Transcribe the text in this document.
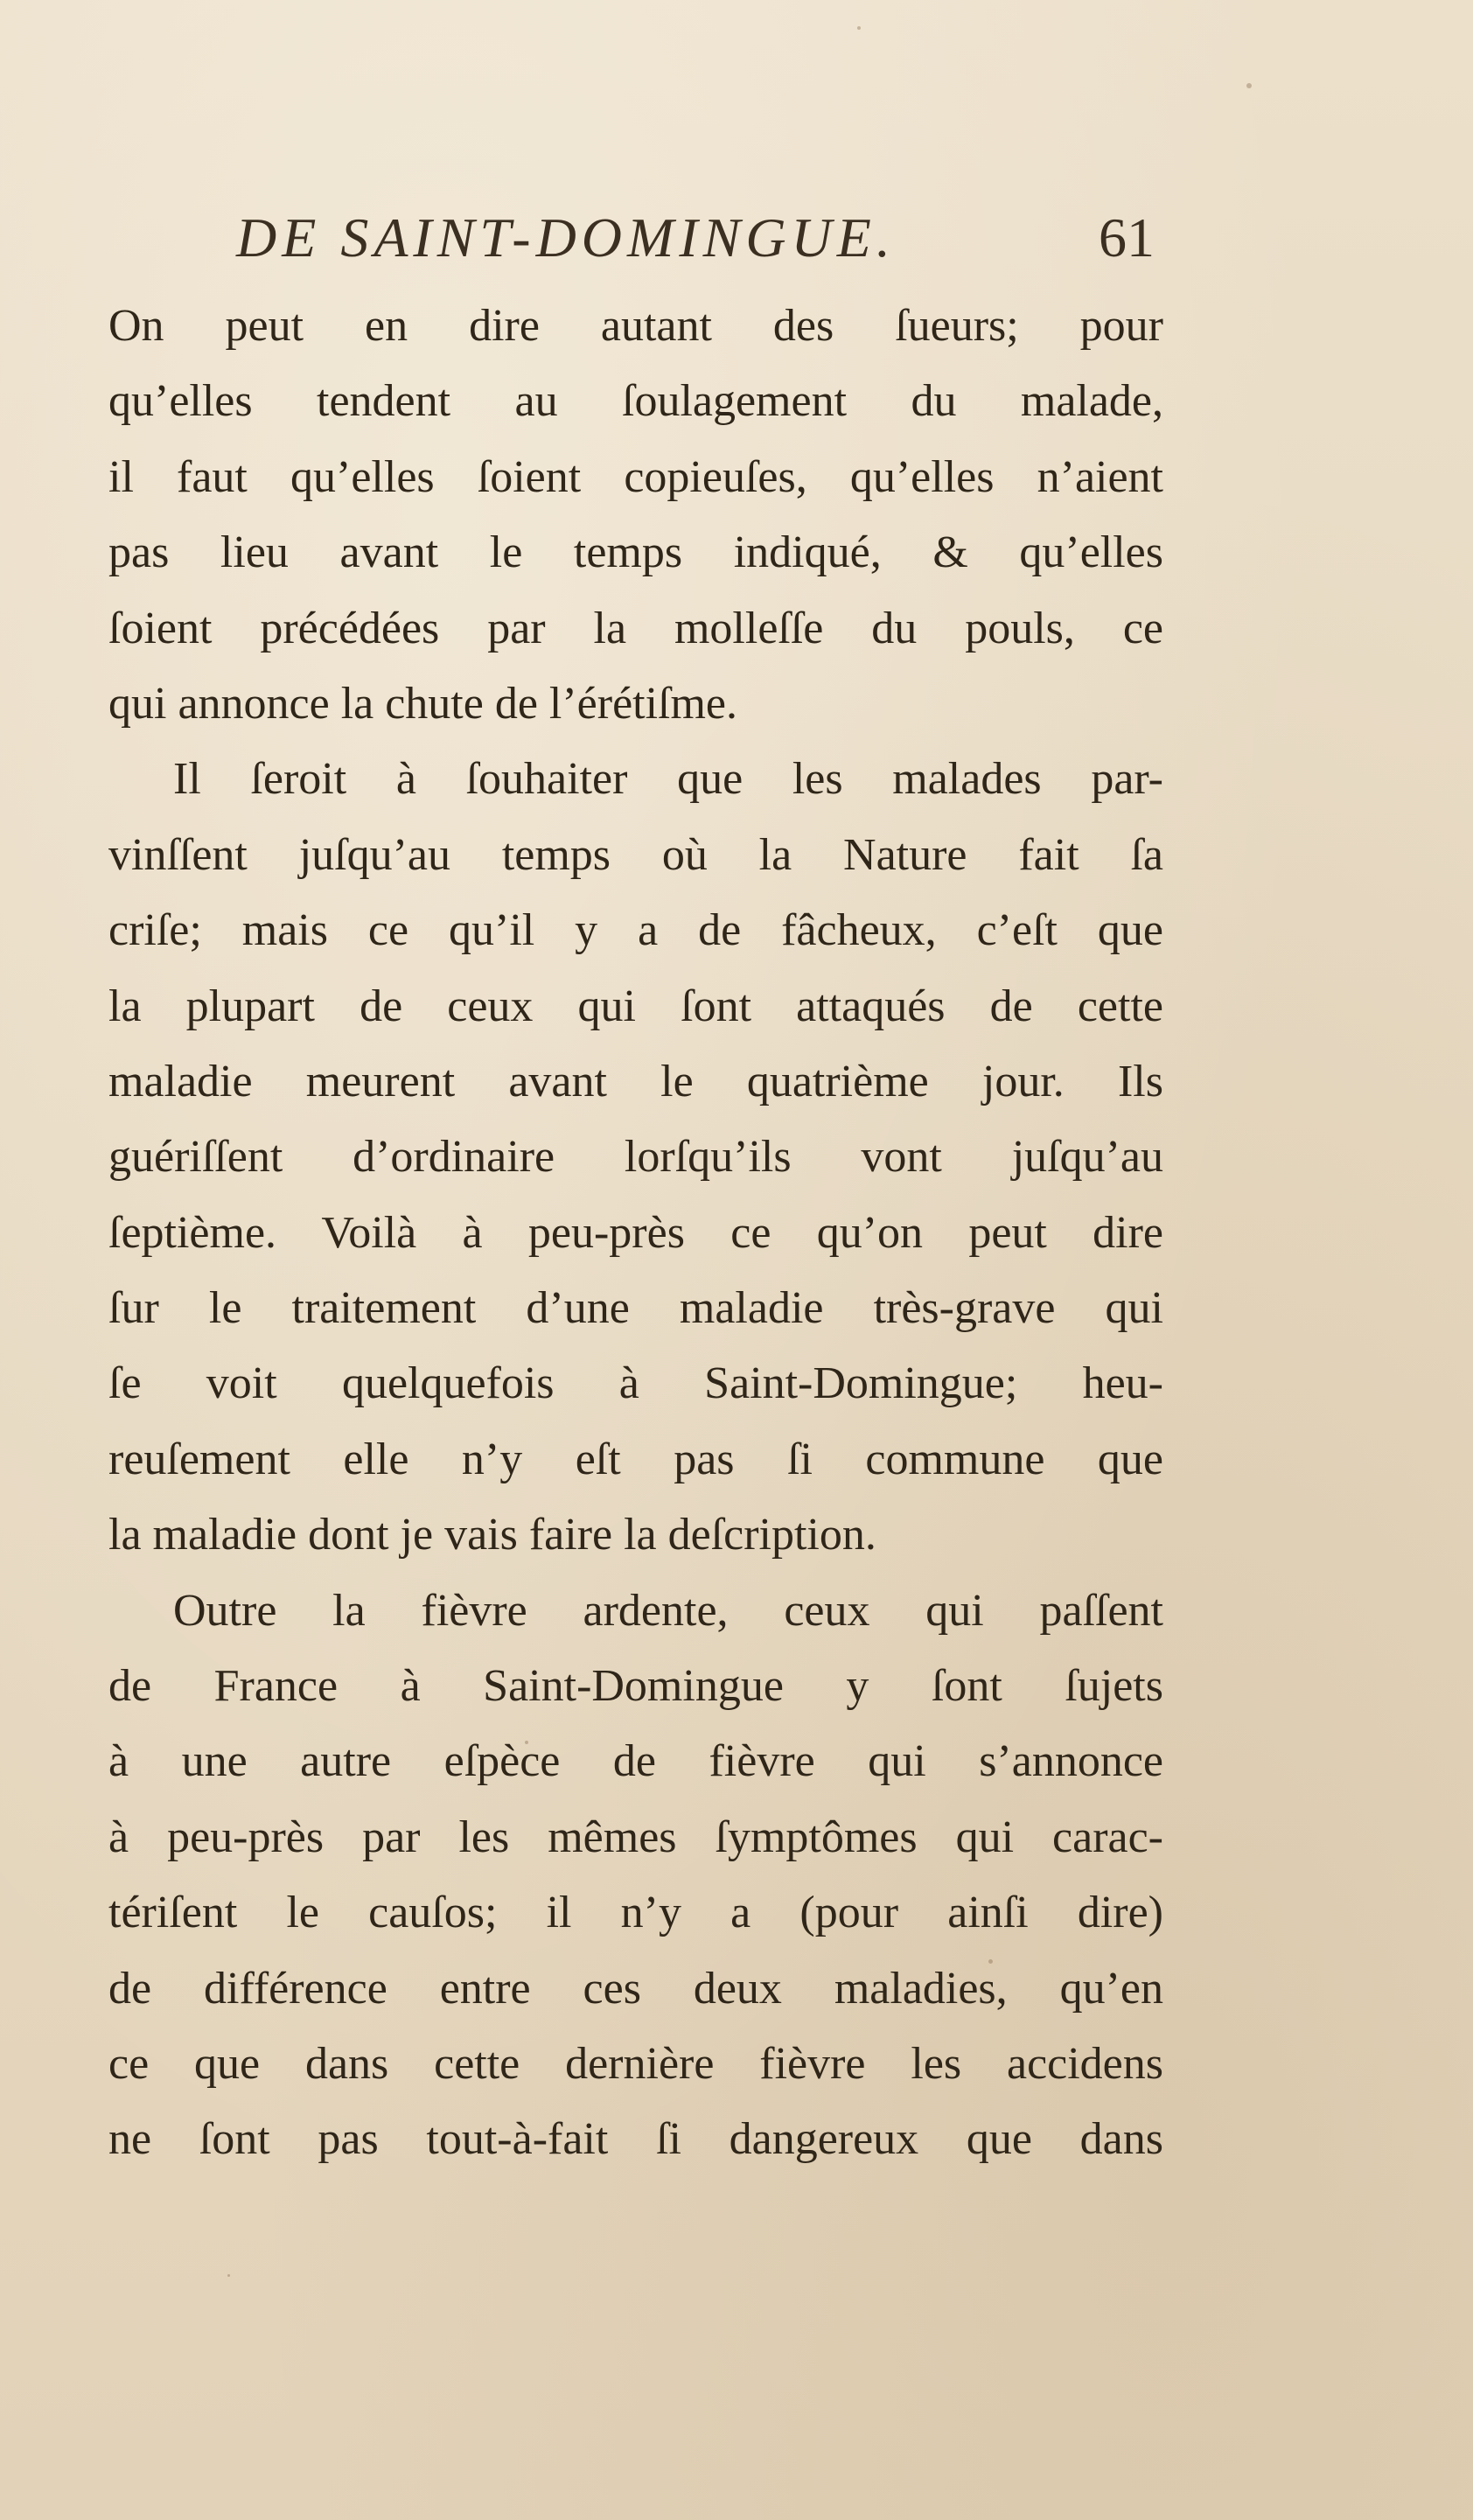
DE SAINT-DOMINGUE.	61
On peut en dire autant des ſueurs; pour
qu’elles tendent au ſoulagement du malade,
il faut qu’elles ſoient copieuſes, qu’elles n’aient
pas lieu avant le temps indiqué, & qu’elles
ſoient précédées par la molleſſe du pouls, ce
qui annonce la chute de l’érétiſme.
Il ſeroit à ſouhaiter que les malades par-
vinſſent juſqu’au temps où la Nature fait ſa
criſe; mais ce qu’il y a de fâcheux, c’eſt que
la plupart de ceux qui ſont attaqués de cette
maladie meurent avant le quatrième jour. Ils
guériſſent d’ordinaire lorſqu’ils vont juſqu’au
ſeptième. Voilà à peu-près ce qu’on peut dire
ſur le traitement d’une maladie très-grave qui
ſe voit quelquefois à Saint-Domingue; heu-
reuſement elle n’y eſt pas ſi commune que
la maladie dont je vais faire la deſcription.
Outre la fièvre ardente, ceux qui paſſent
de France à Saint-Domingue y ſont ſujets
à une autre eſpèce de fièvre qui s’annonce
à peu-près par les mêmes ſymptômes qui carac-
tériſent le cauſos; il n’y a (pour ainſi dire)
de différence entre ces deux maladies, qu’en
ce que dans cette dernière fièvre les accidens
ne ſont pas tout-à-fait ſi dangereux que dans
